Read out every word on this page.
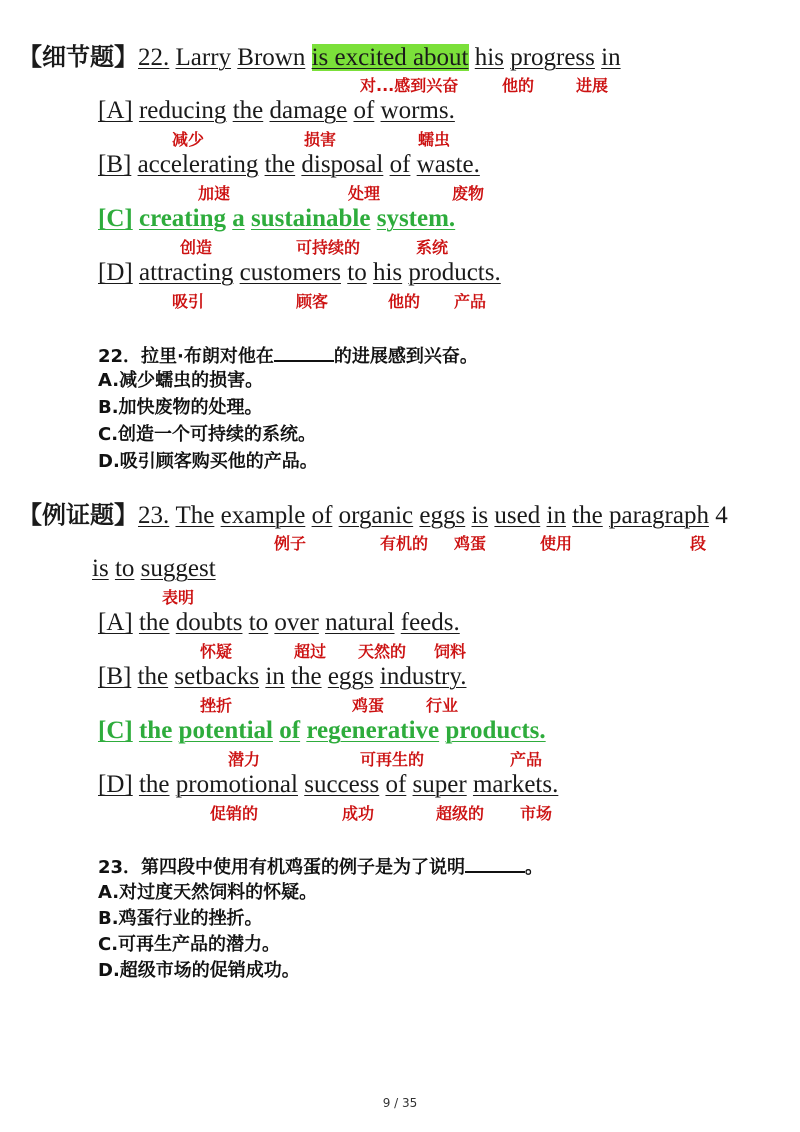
【细节题】22. Larry Brown is excited about his progress in
对...感到兴奋	他的	进展
[A] reducing the damage of worms.
减少	损害	蠕虫
[B] accelerating the disposal of waste.
加速	处理	废物
[C] creating a sustainable system.
创造	可持续的	系统
[D] attracting customers to his products.
吸引	顾客	他的 产品
22．拉里·布朗对他在	的进展感到兴奋。
A.减少蠕虫的损害。
B.加快废物的处理。
C.创造一个可持续的系统。
D.吸引顾客购买他的产品。
【例证题】23. The example of organic eggs is used in the paragraph 4
例子	有机的 鸡蛋	使用	段
is to suggest
表明
[A] the doubts to over natural feeds.
怀疑	超过 天然的 饲料
[B] the setbacks in the eggs industry.
挫折	鸡蛋	行业
[C] the potential of regenerative products.
潜力	可再生的	产品
[D] the promotional success of super markets.
促销的	成功	超级的 市场
23．第四段中使用有机鸡蛋的例子是为了说明	。
A.对过度天然饲料的怀疑。
B.鸡蛋行业的挫折。
C.可再生产品的潜力。
D.超级市场的促销成功。
9 / 35
